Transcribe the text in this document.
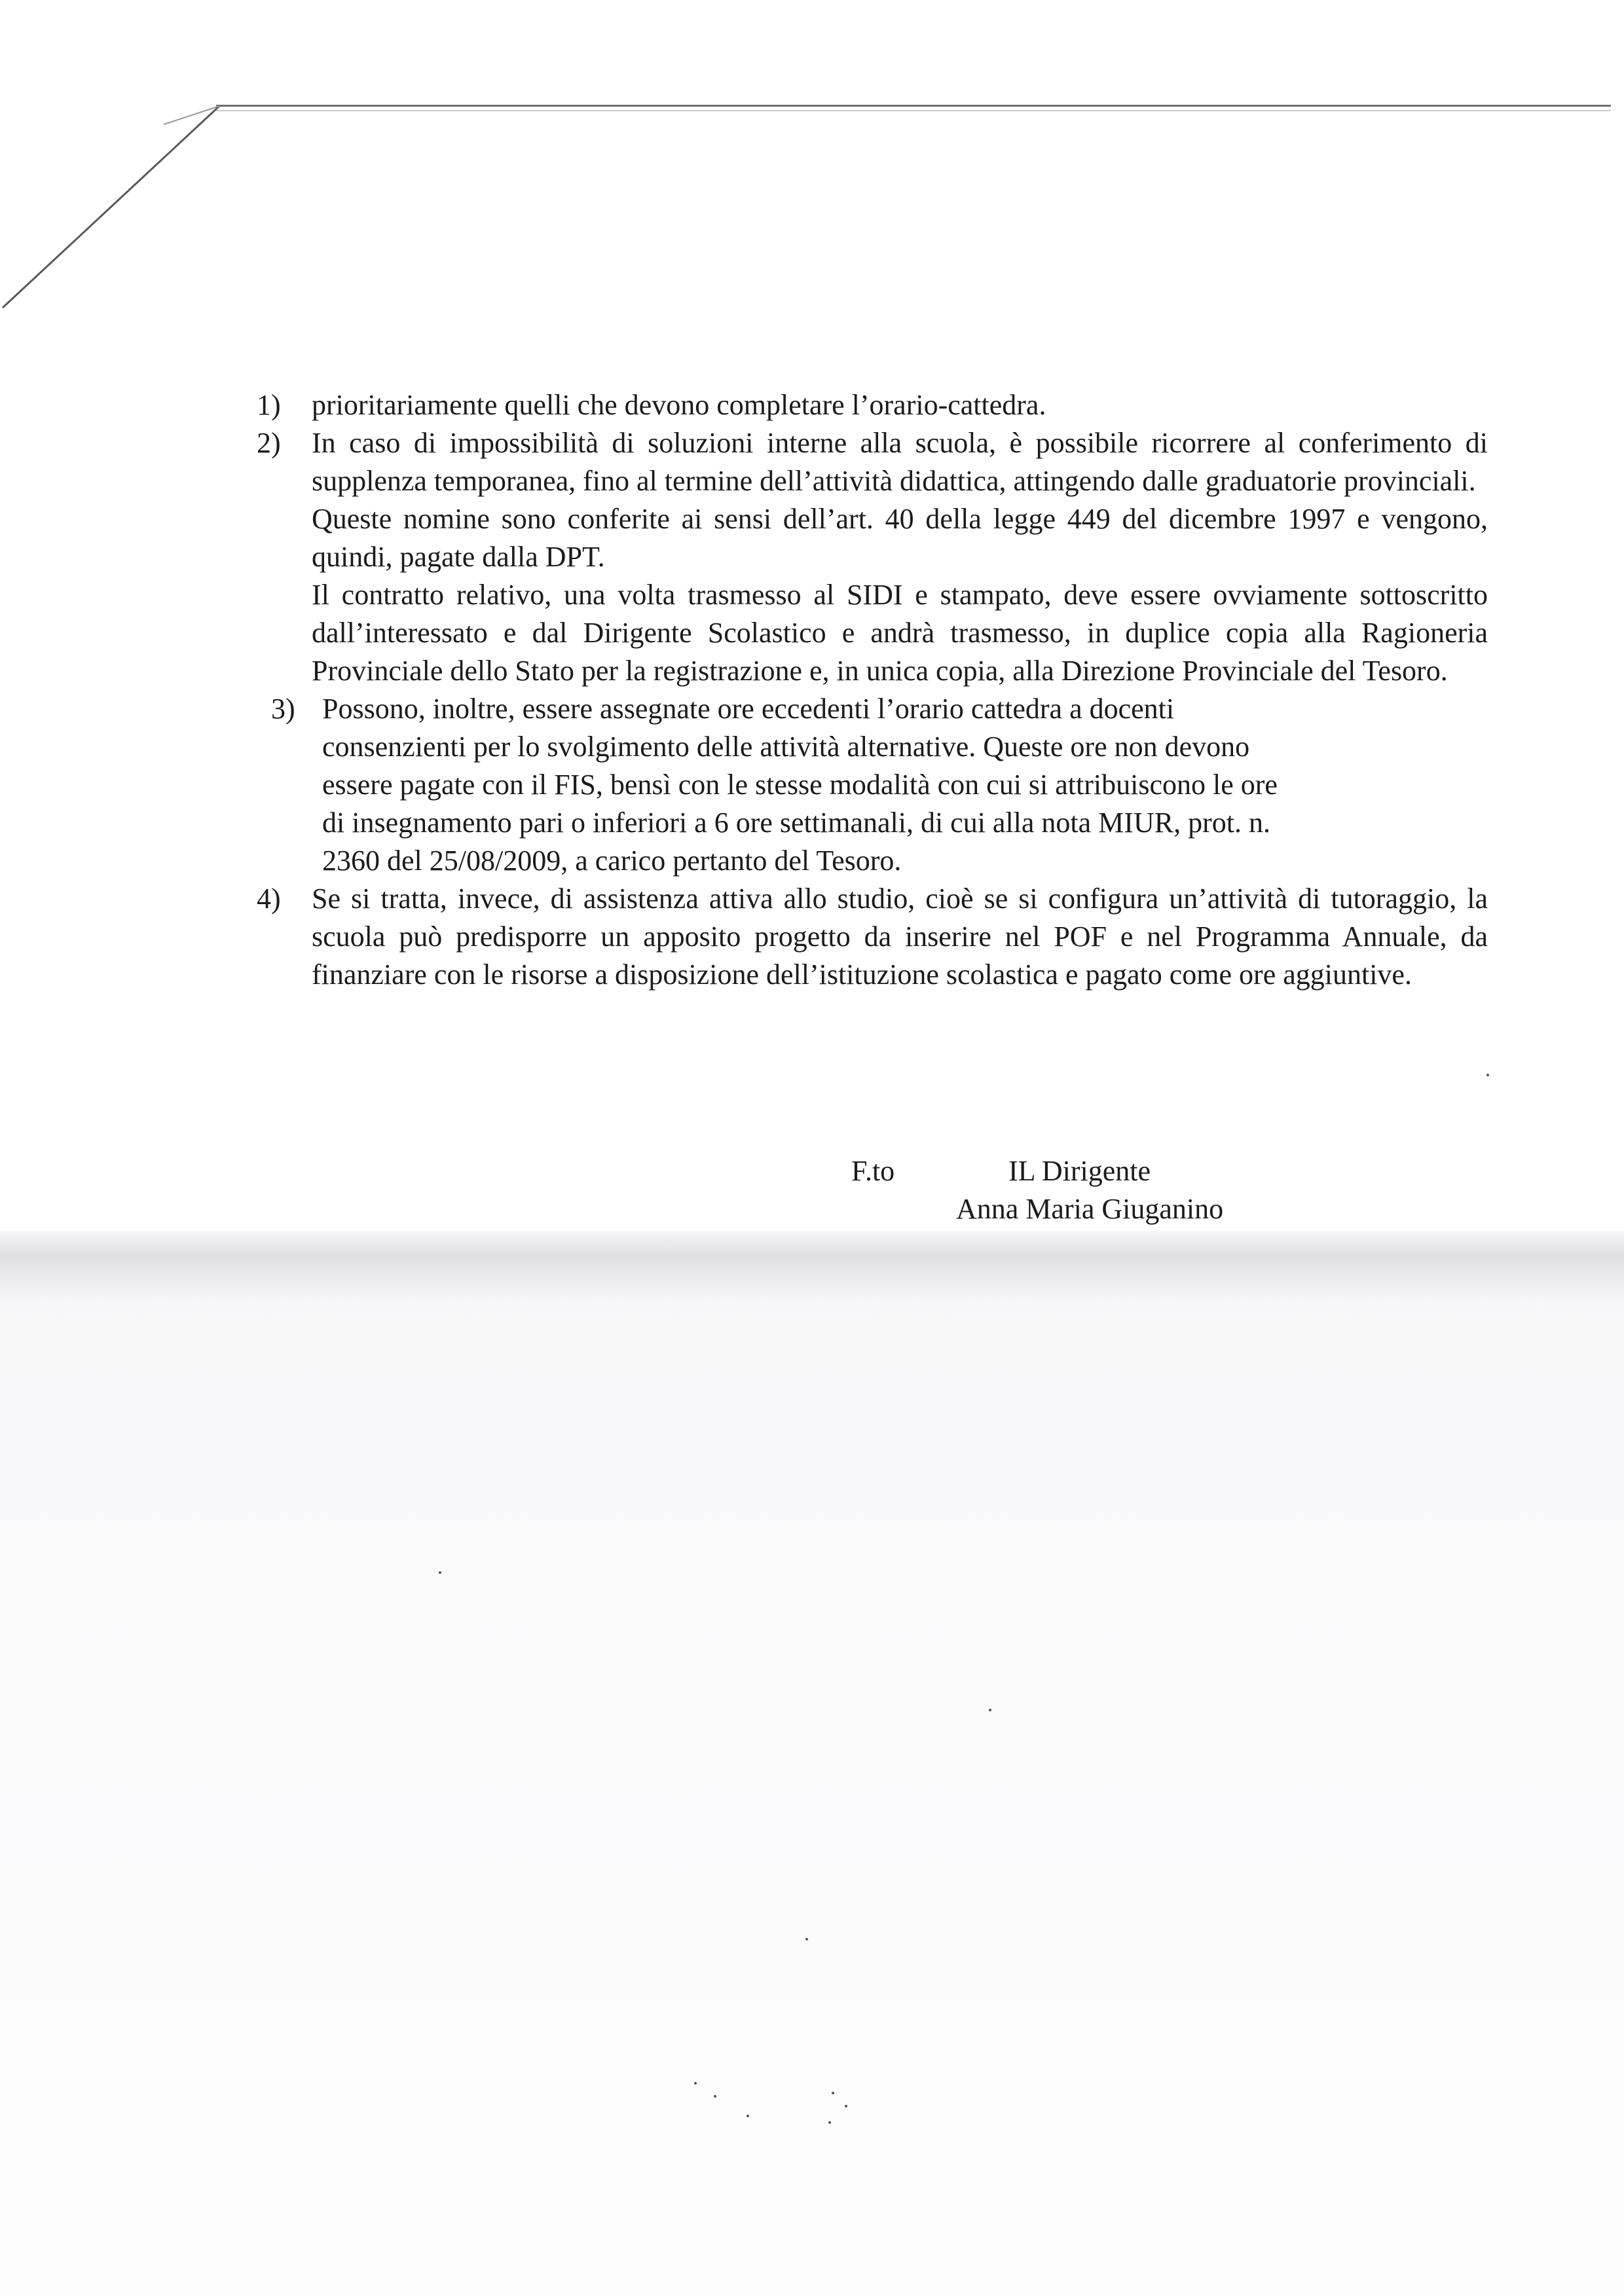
1) prioritariamente quelli che devono completare l’orario-cattedra.

2) In caso di impossibilità di soluzioni interne alla scuola, è possibile ricorrere al conferimento di supplenza temporanea, fino al termine dell’attività didattica, attingendo dalle graduatorie provinciali.

Queste nomine sono conferite ai sensi dell’art. 40 della legge 449 del dicembre 1997 e vengono, quindi, pagate dalla DPT.

Il contratto relativo, una volta trasmesso al SIDI e stampato, deve essere ovviamente sottoscritto dall’interessato e dal Dirigente Scolastico e andrà trasmesso, in duplice copia alla Ragioneria Provinciale dello Stato per la registrazione e, in unica copia, alla Direzione Provinciale del Tesoro.

3) Possono, inoltre, essere assegnate ore eccedenti l’orario cattedra a docenti consenzienti per lo svolgimento delle attività alternative. Queste ore non devono essere pagate con il FIS, bensì con le stesse modalità con cui si attribuiscono le ore di insegnamento pari o inferiori a 6 ore settimanali, di cui alla nota MIUR, prot. n. 2360 del 25/08/2009, a carico pertanto del Tesoro.

4) Se si tratta, invece, di assistenza attiva allo studio, cioè se si configura un’attività di tutoraggio, la scuola può predisporre un apposito progetto da inserire nel POF e nel Programma Annuale, da finanziare con le risorse a disposizione dell’istituzione scolastica e pagato come ore aggiuntive.

F.to	IL Dirigente
Anna Maria Giuganino
